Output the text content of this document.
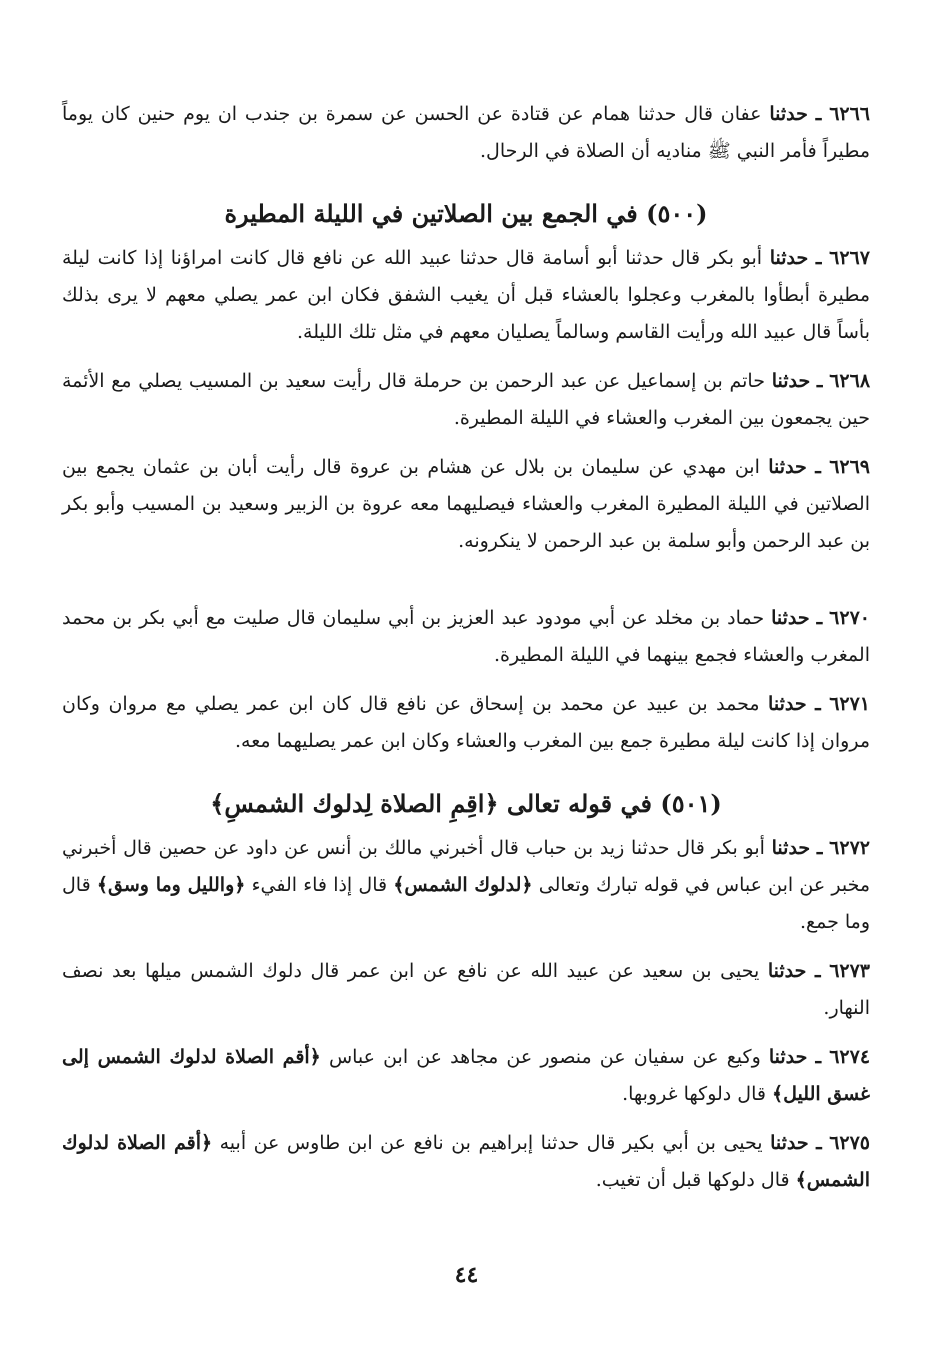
٦٢٦٦ ـ حدثنا عفان قال حدثنا همام عن قتادة عن الحسن عن سمرة بن جندب ان يوم حنين كان يوماً مطيراً فأمر النبي ﷺ مناديه أن الصلاة في الرحال.

(٥٠٠) في الجمع بين الصلاتين في الليلة المطيرة

٦٢٦٧ ـ حدثنا أبو بكر قال حدثنا أبو أسامة قال حدثنا عبيد الله عن نافع قال كانت امراؤنا إذا كانت ليلة مطيرة أبطأوا بالمغرب وعجلوا بالعشاء قبل أن يغيب الشفق فكان ابن عمر يصلي معهم لا يرى بذلك بأساً قال عبيد الله ورأيت القاسم وسالماً يصليان معهم في مثل تلك الليلة.

٦٢٦٨ ـ حدثنا حاتم بن إسماعيل عن عبد الرحمن بن حرملة قال رأيت سعيد بن المسيب يصلي مع الأئمة حين يجمعون بين المغرب والعشاء في الليلة المطيرة.

٦٢٦٩ ـ حدثنا ابن مهدي عن سليمان بن بلال عن هشام بن عروة قال رأيت أبان بن عثمان يجمع بين الصلاتين في الليلة المطيرة المغرب والعشاء فيصليهما معه عروة بن الزبير وسعيد بن المسيب وأبو بكر بن عبد الرحمن وأبو سلمة بن عبد الرحمن لا ينكرونه.

٦٢٧٠ ـ حدثنا حماد بن مخلد عن أبي مودود عبد العزيز بن أبي سليمان قال صليت مع أبي بكر بن محمد المغرب والعشاء فجمع بينهما في الليلة المطيرة.

٦٢٧١ ـ حدثنا محمد بن عبيد عن محمد بن إسحاق عن نافع قال كان ابن عمر يصلي مع مروان وكان مروان إذا كانت ليلة مطيرة جمع بين المغرب والعشاء وكان ابن عمر يصليهما معه.

(٥٠١) في قوله تعالى ﴿اقِمِ الصلاة لِدلوك الشمسِ﴾

٦٢٧٢ ـ حدثنا أبو بكر قال حدثنا زيد بن حباب قال أخبرني مالك بن أنس عن داود عن حصين قال أخبرني مخبر عن ابن عباس في قوله تبارك وتعالى ﴿لدلوك الشمس﴾ قال إذا فاء الفيء ﴿والليل وما وسق﴾ قال وما جمع.

٦٢٧٣ ـ حدثنا يحيى بن سعيد عن عبيد الله عن نافع عن ابن عمر قال دلوك الشمس ميلها بعد نصف النهار.

٦٢٧٤ ـ حدثنا وكيع عن سفيان عن منصور عن مجاهد عن ابن عباس ﴿أقم الصلاة لدلوك الشمس إلى غسق الليل﴾ قال دلوكها غروبها.

٦٢٧٥ ـ حدثنا يحيى بن أبي بكير قال حدثنا إبراهيم بن نافع عن ابن طاوس عن أبيه ﴿أقم الصلاة لدلوك الشمس﴾ قال دلوكها قبل أن تغيب.

٤٤
